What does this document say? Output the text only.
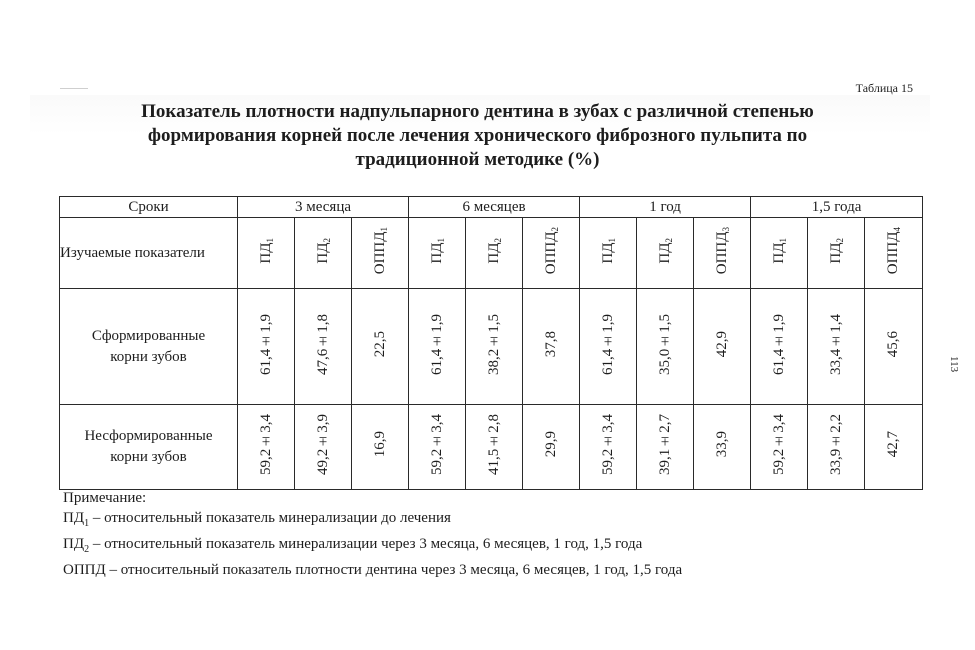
Таблица 15
Показатель плотности надпульпарного дентина в зубах с различной степенью
формирования корней после лечения хронического фиброзного пульпита по
традиционной методике (%)
Сроки	3 месяца			6 месяцев			1 год			1,5 года		
Изучаемые показатели	$ПД_1$	$ПД_2$	$ОППД_1$	$ПД_1$	$ПД_2$	$ОППД_2$	$ПД_1$	$ПД_2$	$ОППД_3$	$ПД_1$	$ПД_2$	$ОППД_4$

Сформированные
корни зубов	61,4±1,9	47,6±1,8	22,5	61,4±1,9	38,2±1,5	37,8	61,4±1,9	35,0±1,5	42,9	61,4±1,9	33,4±1,4	45,6

Несформированные
корни зубов	59,2±3,4	49,2±3,9	16,9	59,2±3,4	41,5±2,8	29,9	59,2±3,4	39,1±2,7	33,9	59,2±3,4	33,9±2,2	42,7
Примечание:
$ПД_1$ – относительный показатель минерализации до лечения
$ПД_2$ – относительный показатель минерализации через 3 месяца, 6 месяцев, 1 год, 1,5 года
ОППД – относительный показатель плотности дентина через 3 месяца, 6 месяцев, 1 год, 1,5 года
113
